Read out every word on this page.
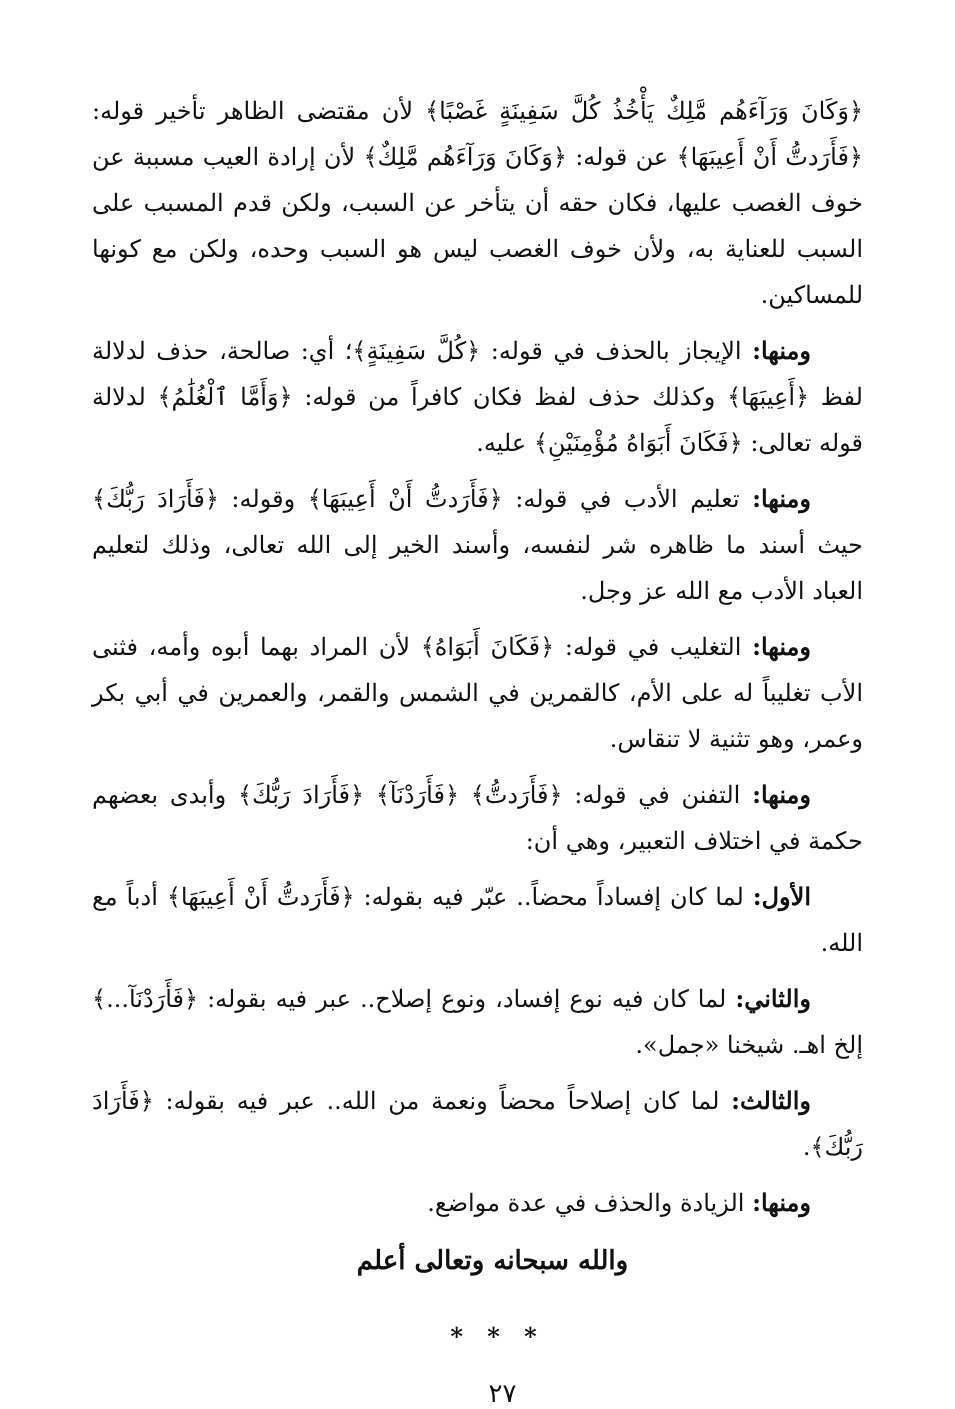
﴿وَكَانَ وَرَآءَهُم مَّلِكٌ يَأْخُذُ كُلَّ سَفِينَةٍ غَصْبًا﴾ لأن مقتضى الظاهر تأخير قوله: ﴿فَأَرَدتُّ أَنْ أَعِيبَهَا﴾ عن قوله: ﴿وَكَانَ وَرَآءَهُم مَّلِكٌ﴾ لأن إرادة العيب مسببة عن خوف الغصب عليها، فكان حقه أن يتأخر عن السبب، ولكن قدم المسبب على السبب للعناية به، ولأن خوف الغصب ليس هو السبب وحده، ولكن مع كونها للمساكين.

ومنها: الإيجاز بالحذف في قوله: ﴿كُلَّ سَفِينَةٍ﴾؛ أي: صالحة، حذف لدلالة لفظ ﴿أَعِيبَهَا﴾ وكذلك حذف لفظ فكان كافراً من قوله: ﴿وَأَمَّا ٱلْغُلَٰمُ﴾ لدلالة قوله تعالى: ﴿فَكَانَ أَبَوَاهُ مُؤْمِنَيْنِ﴾ عليه.

ومنها: تعليم الأدب في قوله: ﴿فَأَرَدتُّ أَنْ أَعِيبَهَا﴾ وقوله: ﴿فَأَرَادَ رَبُّكَ﴾ حيث أسند ما ظاهره شر لنفسه، وأسند الخير إلى الله تعالى، وذلك لتعليم العباد الأدب مع الله عز وجل.

ومنها: التغليب في قوله: ﴿فَكَانَ أَبَوَاهُ﴾ لأن المراد بهما أبوه وأمه، فثنى الأب تغليباً له على الأم، كالقمرين في الشمس والقمر، والعمرين في أبي بكر وعمر، وهو تثنية لا تنقاس.

ومنها: التفنن في قوله: ﴿فَأَرَدتُّ﴾ ﴿فَأَرَدْنَآ﴾ ﴿فَأَرَادَ رَبُّكَ﴾ وأبدى بعضهم حكمة في اختلاف التعبير، وهي أن:

الأول: لما كان إفساداً محضاً.. عبّر فيه بقوله: ﴿فَأَرَدتُّ أَنْ أَعِيبَهَا﴾ أدباً مع الله.

والثاني: لما كان فيه نوع إفساد، ونوع إصلاح.. عبر فيه بقوله: ﴿فَأَرَدْنَآ...﴾ إلخ اهـ. شيخنا «جمل».

والثالث: لما كان إصلاحاً محضاً ونعمة من الله.. عبر فيه بقوله: ﴿فَأَرَادَ رَبُّكَ﴾.

ومنها: الزيادة والحذف في عدة مواضع.

والله سبحانه وتعالى أعلم
* * *
٢٧
